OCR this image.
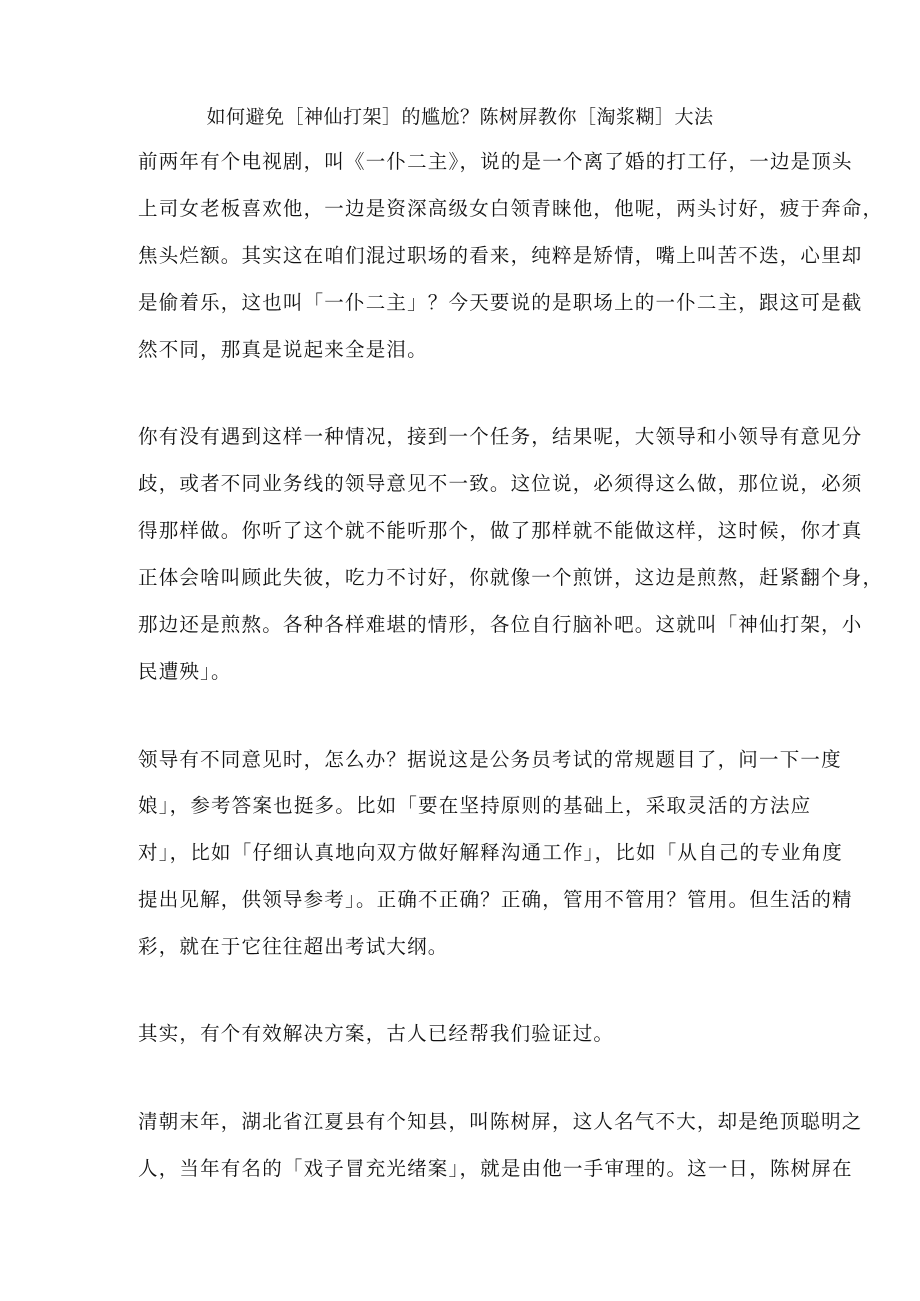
如何避免［神仙打架］的尴尬？陈树屏教你［淘浆糊］大法
前两年有个电视剧，叫《一仆二主》，说的是一个离了婚的打工仔，一边是顶头
上司女老板喜欢他，一边是资深高级女白领青睐他，他呢，两头讨好，疲于奔命，
焦头烂额。其实这在咱们混过职场的看来，纯粹是矫情，嘴上叫苦不迭，心里却
是偷着乐，这也叫「一仆二主」？今天要说的是职场上的一仆二主，跟这可是截
然不同，那真是说起来全是泪。
你有没有遇到这样一种情况，接到一个任务，结果呢，大领导和小领导有意见分
歧，或者不同业务线的领导意见不一致。这位说，必须得这么做，那位说，必须
得那样做。你听了这个就不能听那个，做了那样就不能做这样，这时候，你才真
正体会啥叫顾此失彼，吃力不讨好，你就像一个煎饼，这边是煎熬，赶紧翻个身，
那边还是煎熬。各种各样难堪的情形，各位自行脑补吧。这就叫「神仙打架，小
民遭殃」。
领导有不同意见时，怎么办？据说这是公务员考试的常规题目了，问一下一度
娘」，参考答案也挺多。比如「要在坚持原则的基础上，采取灵活的方法应
对」，比如「仔细认真地向双方做好解释沟通工作」，比如「从自己的专业角度
提出见解，供领导参考」。正确不正确？正确，管用不管用？管用。但生活的精
彩，就在于它往往超出考试大纲。
其实，有个有效解决方案，古人已经帮我们验证过。
清朝末年，湖北省江夏县有个知县，叫陈树屏，这人名气不大，却是绝顶聪明之
人，当年有名的「戏子冒充光绪案」，就是由他一手审理的。这一日，陈树屏在
